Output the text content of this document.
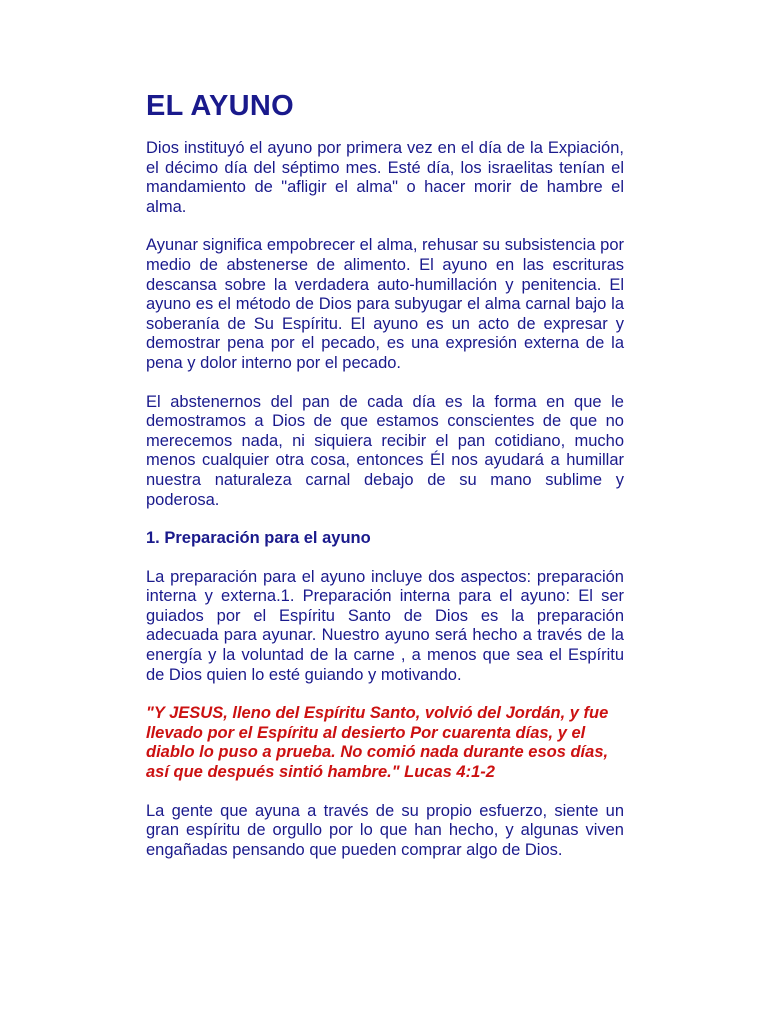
EL AYUNO

Dios instituyó el ayuno por primera vez en el día de la Expiación, el décimo día del séptimo mes. Esté día, los israelitas tenían el mandamiento de "afligir el alma" o hacer morir de hambre el alma.

Ayunar significa empobrecer el alma, rehusar su subsistencia por medio de abstenerse de alimento. El ayuno en las escrituras descansa sobre la verdadera auto-humillación y penitencia. El ayuno es el método de Dios para subyugar el alma carnal bajo la soberanía de Su Espíritu. El ayuno es un acto de expresar y demostrar pena por el pecado, es una expresión externa de la pena y dolor interno por el pecado.

El abstenernos del pan de cada día es la forma en que le demostramos a Dios de que estamos conscientes de que no merecemos nada, ni siquiera recibir el pan cotidiano, mucho menos cualquier otra cosa, entonces Él nos ayudará a humillar nuestra naturaleza carnal debajo de su mano sublime y poderosa.

1. Preparación para el ayuno

La preparación para el ayuno incluye dos aspectos: preparación interna y externa.1. Preparación interna para el ayuno: El ser guiados por el Espíritu Santo de Dios es la preparación adecuada para ayunar. Nuestro ayuno será hecho a través de la energía y la voluntad de la carne , a menos que sea el Espíritu de Dios quien lo esté guiando y motivando.

"Y JESUS, lleno del Espíritu Santo, volvió del Jordán, y fue llevado por el Espíritu al desierto Por cuarenta días, y el diablo lo puso a prueba. No comió nada durante esos días, así que después sintió hambre." Lucas 4:1-2

La gente que ayuna a través de su propio esfuerzo, siente un gran espíritu de orgullo por lo que han hecho, y algunas viven engañadas pensando que pueden comprar algo de Dios.
